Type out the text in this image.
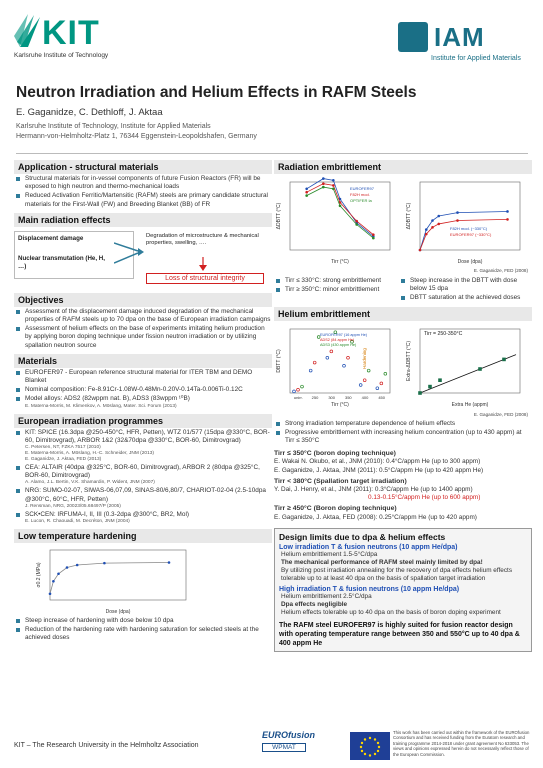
KIT
Karlsruhe Institute of Technology
IAM
Institute for Applied Materials
Neutron Irradiation and Helium Effects in RAFM Steels
E. Gaganidze, C. Dethloff, J. Aktaa
Karlsruhe Institute of Technology, Institute for Applied Materials
Hermann-von-Helmholtz-Platz 1, 76344 Eggenstein-Leopoldshafen, Germany
Application - structural materials
Structural materials for in-vessel components of future Fusion Reactors (FR) will be exposed to high neutron and thermo-mechanical loads
Reduced Activation Ferritic/Martensitic (RAFM) steels are primary candidate structural materials for the First-Wall (FW) and Breeding Blanket (BB) of FR
Main radiation effects
Displacement damage
Nuclear transmutation (He, H, …)
Degradation of microstructure & mechanical properties, swelling, ….
Loss of structural integrity
Objectives
Assessment of the displacement damage induced degradation of the mechanical properties of RAFM steels up to 70 dpa on the base of European irradiation campaigns
Assessment of helium effects on the base of experiments imitating helium production by applying boron doping technique under fission neutron irradiation or by utilizing spallation neutron source
Materials
EUROFER97 - European reference structural material for ITER TBM and DEMO Blanket
Nominal composition: Fe-8.91Cr-1.08W-0.48Mn-0.20V-0.14Ta-0.006Ti-0.12C
Model alloys: ADS2 (82wppm nat. B), ADS3 (83wppm ¹⁰B)
E. Materna-Morris, M. Klimenkov, A. Möslang, Mater. Sci. Forum (2013)
European irradiation programmes
KIT: SPICE (16.3dpa @250-450°C, HFR, Petten), WTZ 01/577 (15dpa @330°C, BOR-60, Dimitrovgrad), ARBOR 1&2 (32&70dpa @330°C, BOR-60, Dimitrovgrad)
C. Petersen, NT, FZKA 7517 (2010)
E. Materna-Morris, A. Möslang, H.-C. Schneider, JNM (2013)
E. Gaganidze, J. Aktaa, FED (2013)
CEA: ALTAIR (40dpa @325°C, BOR-60, Dimitrovgrad), ARBOR 2 (80dpa @325°C, BOR-60, Dimitrovgrad)
A. Alamo, J.L. Bertin, V.K. Shamardin, P. Wident, JNM (2007)
NRG: SUMO-02-07, SIWAS-06,07,09, SINAS-80/6,80/7, CHARIOT-02-04 (2.5-10dpa @300°C, 60°C, HFR, Petten)
J. Rensman, NRG, 20023/05.68497/P (2005)
SCK•CEN: IRFUMA-I, II, III (0.3-2dpa @300°C, BR2, Mol)
E. Lucon, R. Chaouadi, M. Decréton, JNM (2004)
Low temperature hardening
Dose (dpa)
σ0.2 (MPa)
Steep increase of hardening with dose below 10 dpa
Reduction of the hardening rate with hardening saturation for selected steels at the achieved doses
Radiation embrittlement
Tirr (°C)
ΔDBTT (°C)
EUROFER97
F82H mod.
OPTIFER Ia
Dose (dpa)
ΔDBTT (°C)	F82H mod. (~330°C)
EUROFER97 (~330°C)
E. Gaganidze, FED (2008)
Tirr ≤ 330°C: strong embrittlement
Tirr ≥ 350°C: minor embrittlement
Steep increase in the DBTT with dose below 15 dpa
DBTT saturation at the achieved doses
Helium embrittlement
Tirr (°C)
DBTT (°C)
unirr. 250 300 350 400 450
EUROFER97 (16 appm He)
ADS2 (84 appm He)
ADS3 (430 appm He)
Hardening
Extra He (appm)
Extra-ΔDBTT (°C)
Tirr = 250-350°C
E. Gaganidze, FED (2008)
Strong irradiation temperature dependence of helium effects
Progressive embrittlement with increasing helium concentration (up to 430 appm) at Tirr ≤ 350°C
Tirr ≤ 350°C (boron doping technique)
E. Wakai N. Okubo, et al., JNM (2010): 0.4°C/appm He (up to 300 appm)
E. Gaganidze, J. Aktaa, JNM (2011): 0.5°C/appm He (up to 420 appm He)
Tirr < 380°C (Spallation target irradiation)
Y. Dai, J. Henry, et al., JNM (2011): 0.3°C/appm He (up to 1400 appm)
0.13-0.15°C/appm He (up to 600 appm)
Tirr ≥ 450°C (Boron doping technique)
E. Gaganidze, J. Aktaa, FED (2008): 0.25°C/appm He (up to 420 appm)
Design limits due to dpa & helium effects
Low irradiation T & fusion neutrons (10 appm He/dpa)
Helium embrittlement 1.5-5°C/dpa
The mechanical performance of RAFM steel mainly limited by dpa!
By utilizing post irradiation annealing for the recovery of dpa effects helium effects tolerable up to at least 40 dpa on the basis of spallation target irradiation
High irradiation T & fusion neutrons (10 appm He/dpa)
Helium embrittlement 2.5°C/dpa
Dpa effects negligible
Helium effects tolerable up to 40 dpa on the basis of boron doping experiment
The RAFM steel EUROFER97 is highly suited for fusion reactor design with operating temperature range between 350 and 550°C up to 40 dpa & 400 appm He
KIT – The Research University in the Helmholtz Association
EUROfusion
WPMAT
This work has been carried out within the framework of the EUROfusion Consortium and has received funding from the Euratom research and training programme 2014-2018 under grant agreement No 633053. The views and opinions expressed herein do not necessarily reflect those of the European Commission.
